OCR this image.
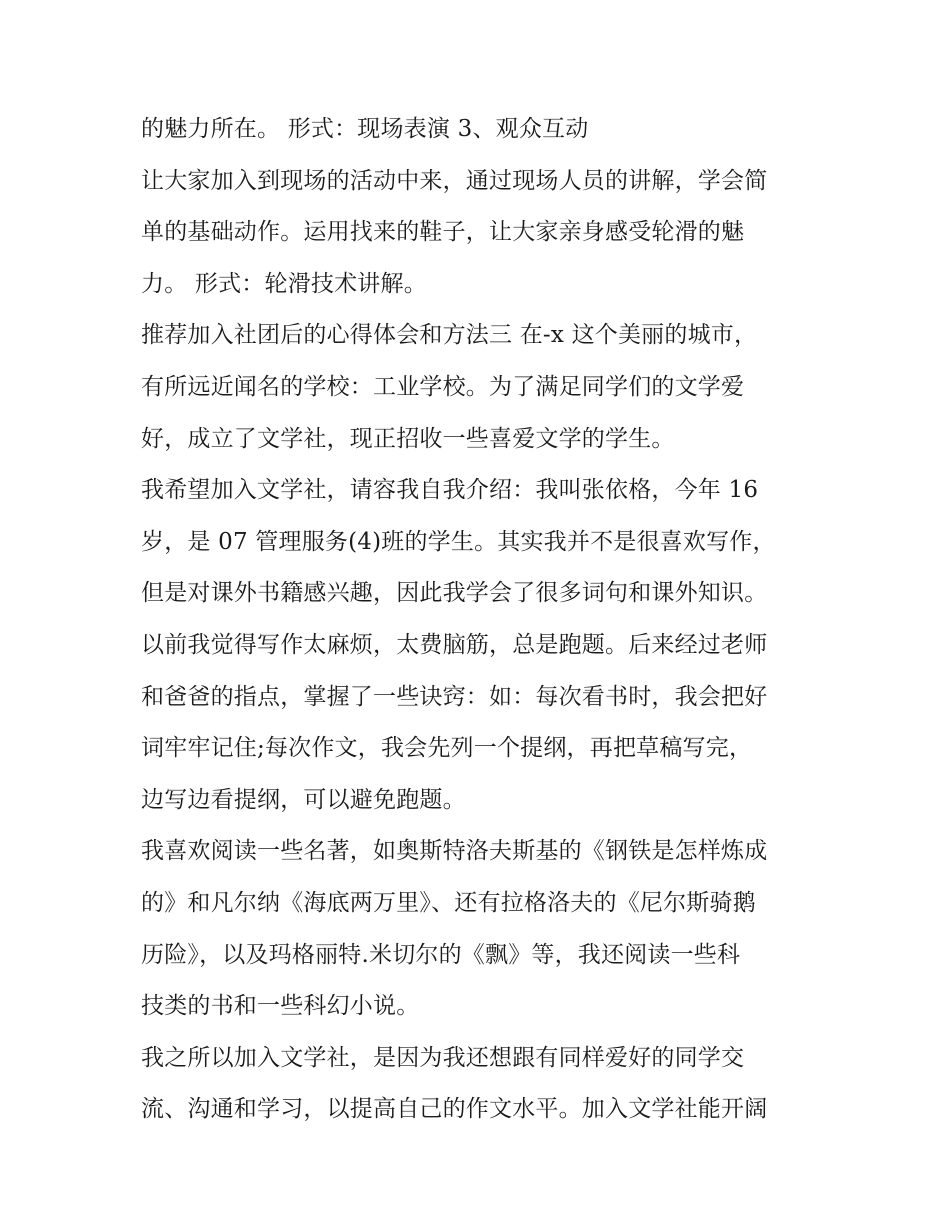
的魅力所在。 形式：现场表演 3、观众互动
让大家加入到现场的活动中来，通过现场人员的讲解，学会简
单的基础动作。运用找来的鞋子，让大家亲身感受轮滑的魅
力。 形式：轮滑技术讲解。
推荐加入社团后的心得体会和方法三 在-x 这个美丽的城市，
有所远近闻名的学校：工业学校。为了满足同学们的文学爱
好，成立了文学社，现正招收一些喜爱文学的学生。
我希望加入文学社，请容我自我介绍：我叫张依格，今年 16
岁，是 07 管理服务(4)班的学生。其实我并不是很喜欢写作，
但是对课外书籍感兴趣，因此我学会了很多词句和课外知识。
以前我觉得写作太麻烦，太费脑筋，总是跑题。后来经过老师
和爸爸的指点，掌握了一些诀窍：如：每次看书时，我会把好
词牢牢记住;每次作文，我会先列一个提纲，再把草稿写完，
边写边看提纲，可以避免跑题。
我喜欢阅读一些名著，如奥斯特洛夫斯基的《钢铁是怎样炼成
的》和凡尔纳《海底两万里》、还有拉格洛夫的《尼尔斯骑鹅
历险》，以及玛格丽特.米切尔的《飘》等，我还阅读一些科
技类的书和一些科幻小说。
我之所以加入文学社，是因为我还想跟有同样爱好的同学交
流、沟通和学习，以提高自己的作文水平。加入文学社能开阔
